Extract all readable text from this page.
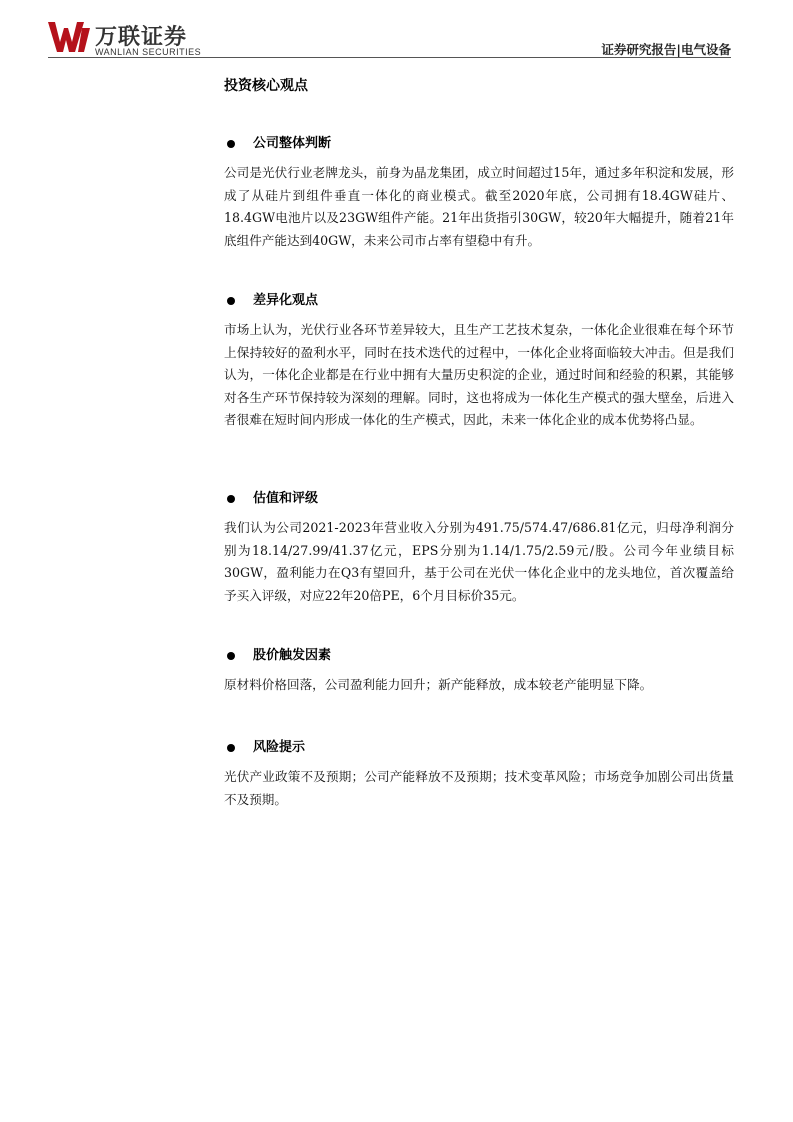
万联证券
WANLIAN SECURITIES	证券研究报告|电气设备
投资核心观点
公司整体判断

公司是光伏行业老牌龙头，前身为晶龙集团，成立时间超过15年，通过多年积淀和发展，形成了从硅片到组件垂直一体化的商业模式。截至2020年底，公司拥有18.4GW硅片、18.4GW电池片以及23GW组件产能。21年出货指引30GW，较20年大幅提升，随着21年底组件产能达到40GW，未来公司市占率有望稳中有升。

差异化观点

市场上认为，光伏行业各环节差异较大，且生产工艺技术复杂，一体化企业很难在每个环节上保持较好的盈利水平，同时在技术迭代的过程中，一体化企业将面临较大冲击。但是我们认为，一体化企业都是在行业中拥有大量历史积淀的企业，通过时间和经验的积累，其能够对各生产环节保持较为深刻的理解。同时，这也将成为一体化生产模式的强大壁垒，后进入者很难在短时间内形成一体化的生产模式，因此，未来一体化企业的成本优势将凸显。

估值和评级

我们认为公司2021-2023年营业收入分别为491.75/574.47/686.81亿元，归母净利润分别为18.14/27.99/41.37亿元，EPS分别为1.14/1.75/2.59元/股。公司今年业绩目标30GW，盈利能力在Q3有望回升，基于公司在光伏一体化企业中的龙头地位，首次覆盖给予买入评级，对应22年20倍PE，6个月目标价35元。

股价触发因素

原材料价格回落，公司盈利能力回升；新产能释放，成本较老产能明显下降。

风险提示

光伏产业政策不及预期；公司产能释放不及预期；技术变革风险；市场竞争加剧公司出货量不及预期。
